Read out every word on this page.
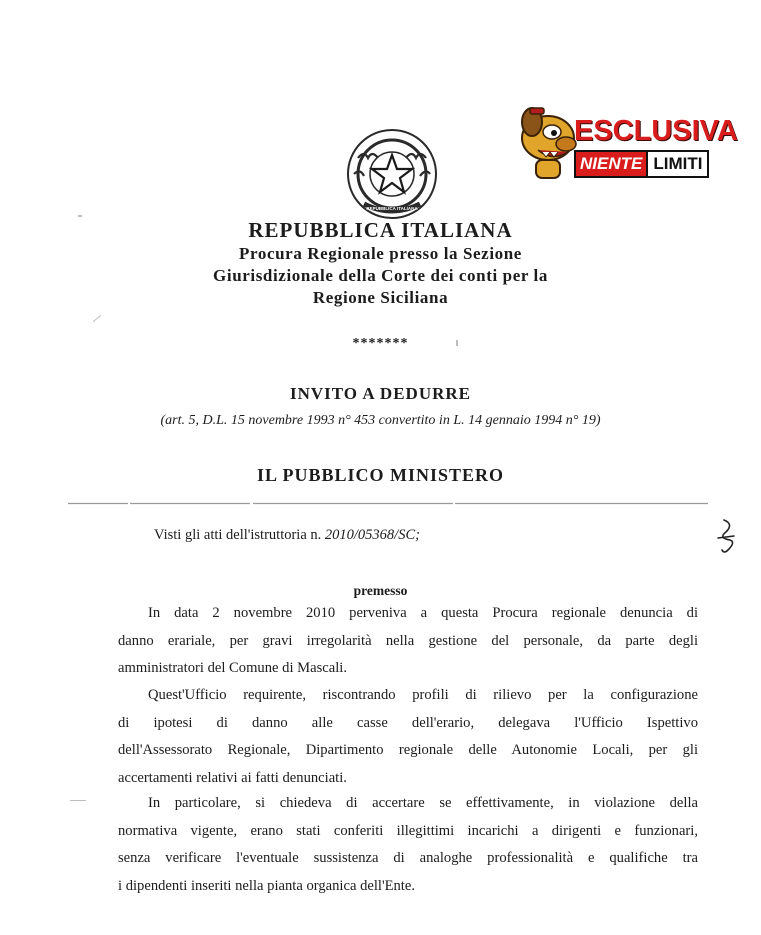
REPUBBLICA ITALIANA
ESCLUSIVA
NIENTE LIMITI
REPUBBLICA ITALIANA
Procura Regionale presso la Sezione
Giurisdizionale della Corte dei conti per la
Regione Siciliana
*******
INVITO A DEDURRE
(art. 5, D.L. 15 novembre 1993 n° 453 convertito in L. 14 gennaio 1994 n° 19)
IL PUBBLICO MINISTERO
Visti gli atti dell'istruttoria n. 2010/05368/SC;
premesso
In data 2 novembre 2010 perveniva a questa Procura regionale denuncia di
danno erariale, per gravi irregolarità nella gestione del personale, da parte degli
amministratori del Comune di Mascali.
Quest'Ufficio requirente, riscontrando profili di rilievo per la configurazione
di ipotesi di danno alle casse dell'erario, delegava l'Ufficio Ispettivo
dell'Assessorato Regionale, Dipartimento regionale delle Autonomie Locali, per gli
accertamenti relativi ai fatti denunciati.
In particolare, si chiedeva di accertare se effettivamente, in violazione della
normativa vigente, erano stati conferiti illegittimi incarichi a dirigenti e funzionari,
senza verificare l'eventuale sussistenza di analoghe professionalità e qualifiche tra
i dipendenti inseriti nella pianta organica dell'Ente.
